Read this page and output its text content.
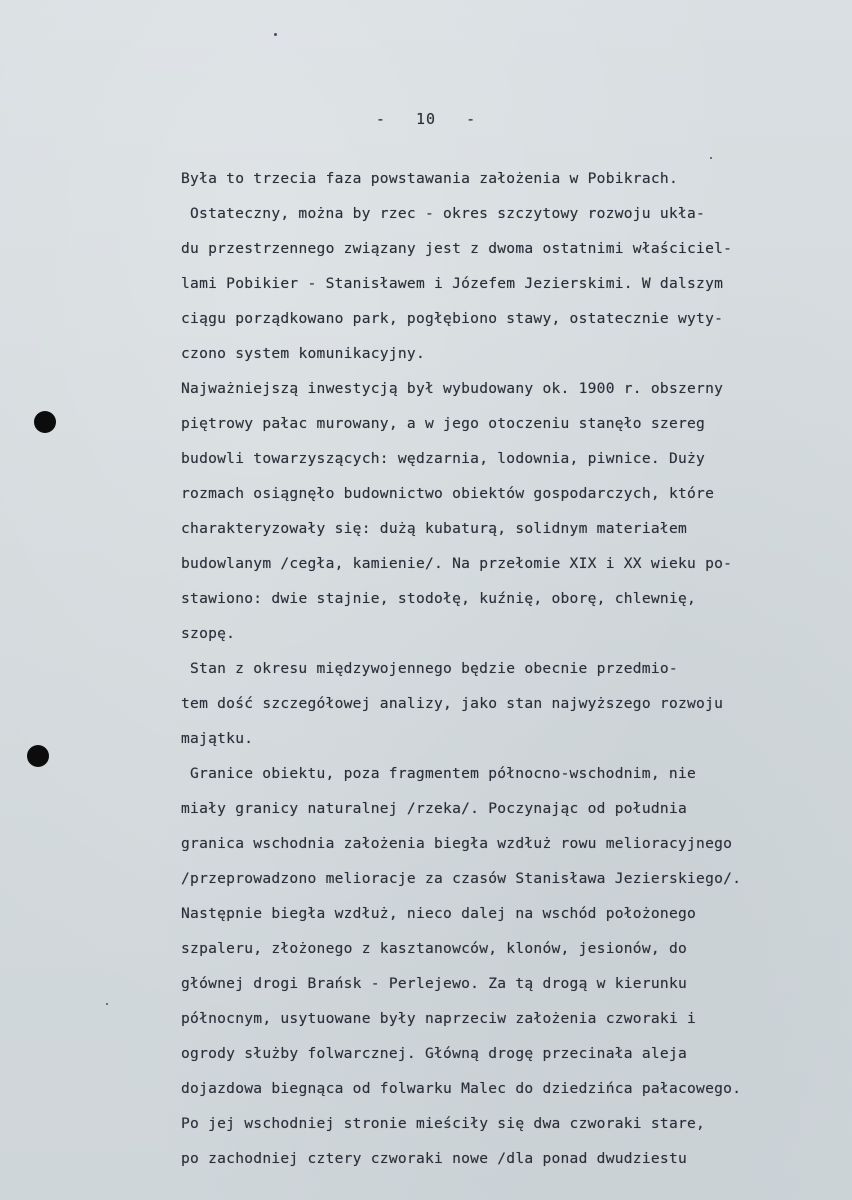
-   10   -
Była to trzecia faza powstawania założenia w Pobikrach.
Ostateczny, można by rzec - okres szczytowy rozwoju ukła-
du przestrzennego związany jest z dwoma ostatnimi właściciel-
lami Pobikier - Stanisławem i Józefem Jezierskimi. W dalszym
ciągu porządkowano park, pogłębiono stawy, ostatecznie wyty-
czono system komunikacyjny.
Najważniejszą inwestycją był wybudowany ok. 1900 r. obszerny
piętrowy pałac murowany, a w jego otoczeniu stanęło szereg
budowli towarzyszących: wędzarnia, lodownia, piwnice. Duży
rozmach osiągnęło budownictwo obiektów gospodarczych, które
charakteryzowały się: dużą kubaturą, solidnym materiałem
budowlanym /cegła, kamienie/. Na przełomie XIX i XX wieku po-
stawiono: dwie stajnie, stodołę, kuźnię, oborę, chlewnię,
szopę.
Stan z okresu międzywojennego będzie obecnie przedmio-
tem dość szczegółowej analizy, jako stan najwyższego rozwoju
majątku.
Granice obiektu, poza fragmentem północno-wschodnim, nie
miały granicy naturalnej /rzeka/. Poczynając od południa
granica wschodnia założenia biegła wzdłuż rowu melioracyjnego
/przeprowadzono melioracje za czasów Stanisława Jezierskiego/.
Następnie biegła wzdłuż, nieco dalej na wschód położonego
szpaleru, złożonego z kasztanowców, klonów, jesionów, do
głównej drogi Brańsk - Perlejewo. Za tą drogą w kierunku
północnym, usytuowane były naprzeciw założenia czworaki i
ogrody służby folwarcznej. Główną drogę przecinała aleja
dojazdowa biegnąca od folwarku Malec do dziedzińca pałacowego.
Po jej wschodniej stronie mieściły się dwa czworaki stare,
po zachodniej cztery czworaki nowe /dla ponad dwudziestu
